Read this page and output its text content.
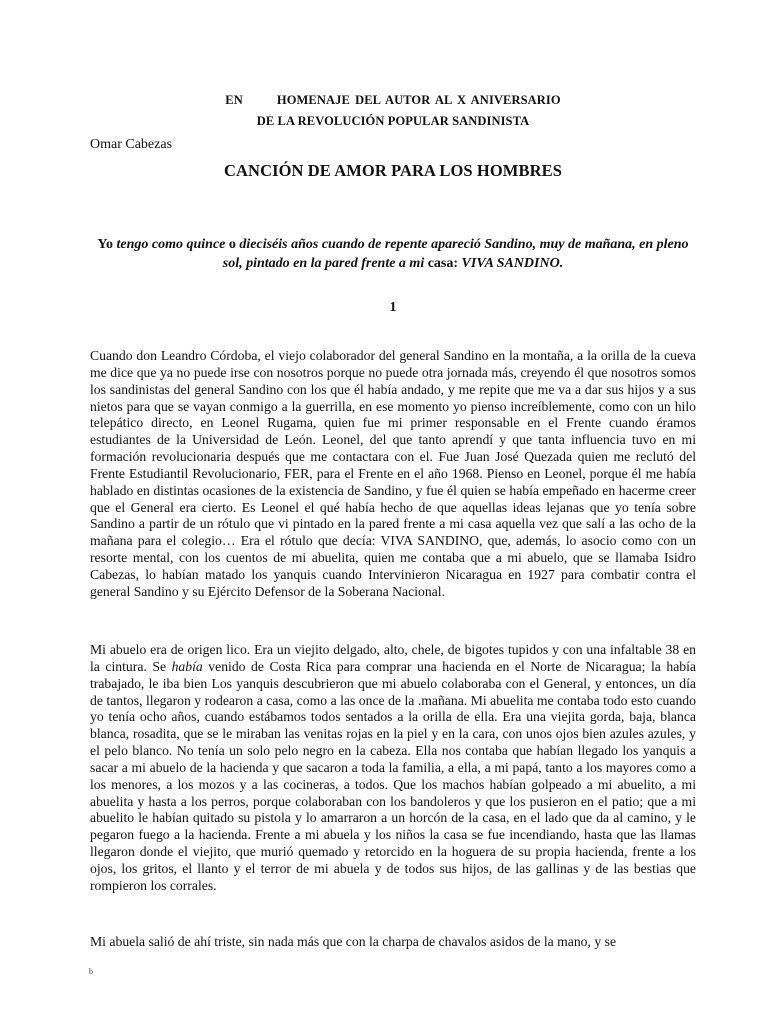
EN	HOMENAJE DEL AUTOR AL X ANIVERSARIO

DE LA REVOLUCIÓN POPULAR SANDINISTA

Omar Cabezas

CANCIÓN DE AMOR PARA LOS HOMBRES

Yo tengo como quince o dieciséis años cuando de repente apareció Sandino, muy de mañana, en pleno sol, pintado en la pared frente a mi casa: VIVA SANDINO.

1

Cuando don Leandro Córdoba, el viejo colaborador del general Sandino en la montaña, a la orilla de la cueva me dice que ya no puede irse con nosotros porque no puede otra jornada más, creyendo él que nosotros somos los sandinistas del general Sandino con los que él había andado, y me repite que me va a dar sus hijos y a sus nietos para que se vayan conmigo a la guerrilla, en ese momento yo pienso increíblemente, como con un hilo telepático directo, en Leonel Rugama, quien fue mi primer responsable en el Frente cuando éramos estudiantes de la Universidad de León. Leonel, del que tanto aprendí y que tanta influencia tuvo en mi formación revolucionaria después que me contactara con el. Fue Juan José Quezada quien me reclutó del Frente Estudiantil Revolucionario, FER, para el Frente en el año 1968. Pienso en Leonel, porque él me había hablado en distintas ocasiones de la existencia de Sandino, y fue él quien se había empeñado en hacerme creer que el General era cierto. Es Leonel el qué había hecho de que aquellas ideas lejanas que yo tenía sobre Sandino a partir de un rótulo que vi pintado en la pared frente a mi casa aquella vez que salí a las ocho de la mañana para el colegio… Era el rótulo que decía: VIVA SANDINO, que, además, lo asocio como con un resorte mental, con los cuentos de mi abuelita, quien me contaba que a mi abuelo, que se llamaba Isidro Cabezas, lo habían matado los yanquis cuando Intervinieron Nicaragua en 1927 para combatir contra el general Sandino y su Ejército Defensor de la Soberana Nacional.

Mi abuelo era de origen lico. Era un viejito delgado, alto, chele, de bigotes tupidos y con una infaltable 38 en la cintura. Se había venido de Costa Rica para comprar una hacienda en el Norte de Nicaragua; la había trabajado, le iba bien Los yanquis descubrieron que mi abuelo colaboraba con el General, y entonces, un día de tantos, llegaron y rodearon a casa, como a las once de la .mañana. Mi abuelita me contaba todo esto cuando yo tenía ocho años, cuando estábamos todos sentados a la orilla de ella. Era una viejita gorda, baja, blanca blanca, rosadita, que se le miraban las venitas rojas en la piel y en la cara, con unos ojos bien azules azules, y el pelo blanco. No tenía un solo pelo negro en la cabeza. Ella nos contaba que habían llegado los yanquis a sacar a mi abuelo de la hacienda y que sacaron a toda la familia, a ella, a mi papá, tanto a los mayores como a los menores, a los mozos y a las cocineras, a todos. Que los machos habían golpeado a mi abuelito, a mi abuelita y hasta a los perros, porque colaboraban con los bandoleros y que los pusieron en el patio; que a mi abuelito le habían quitado su pistola y lo amarraron a un horcón de la casa, en el lado que da al camino, y le pegaron fuego a la hacienda. Frente a mi abuela y los niños la casa se fue incendiando, hasta que las llamas llegaron donde el viejito, que murió quemado y retorcido en la hoguera de su propia hacienda, frente a los ojos, los gritos, el llanto y el terror de mi abuela y de todos sus hijos, de las gallinas y de las bestias que rompieron los corrales.

Mi abuela salió de ahí triste, sin nada más que con la charpa de chavalos asidos de la mano, y se

b
